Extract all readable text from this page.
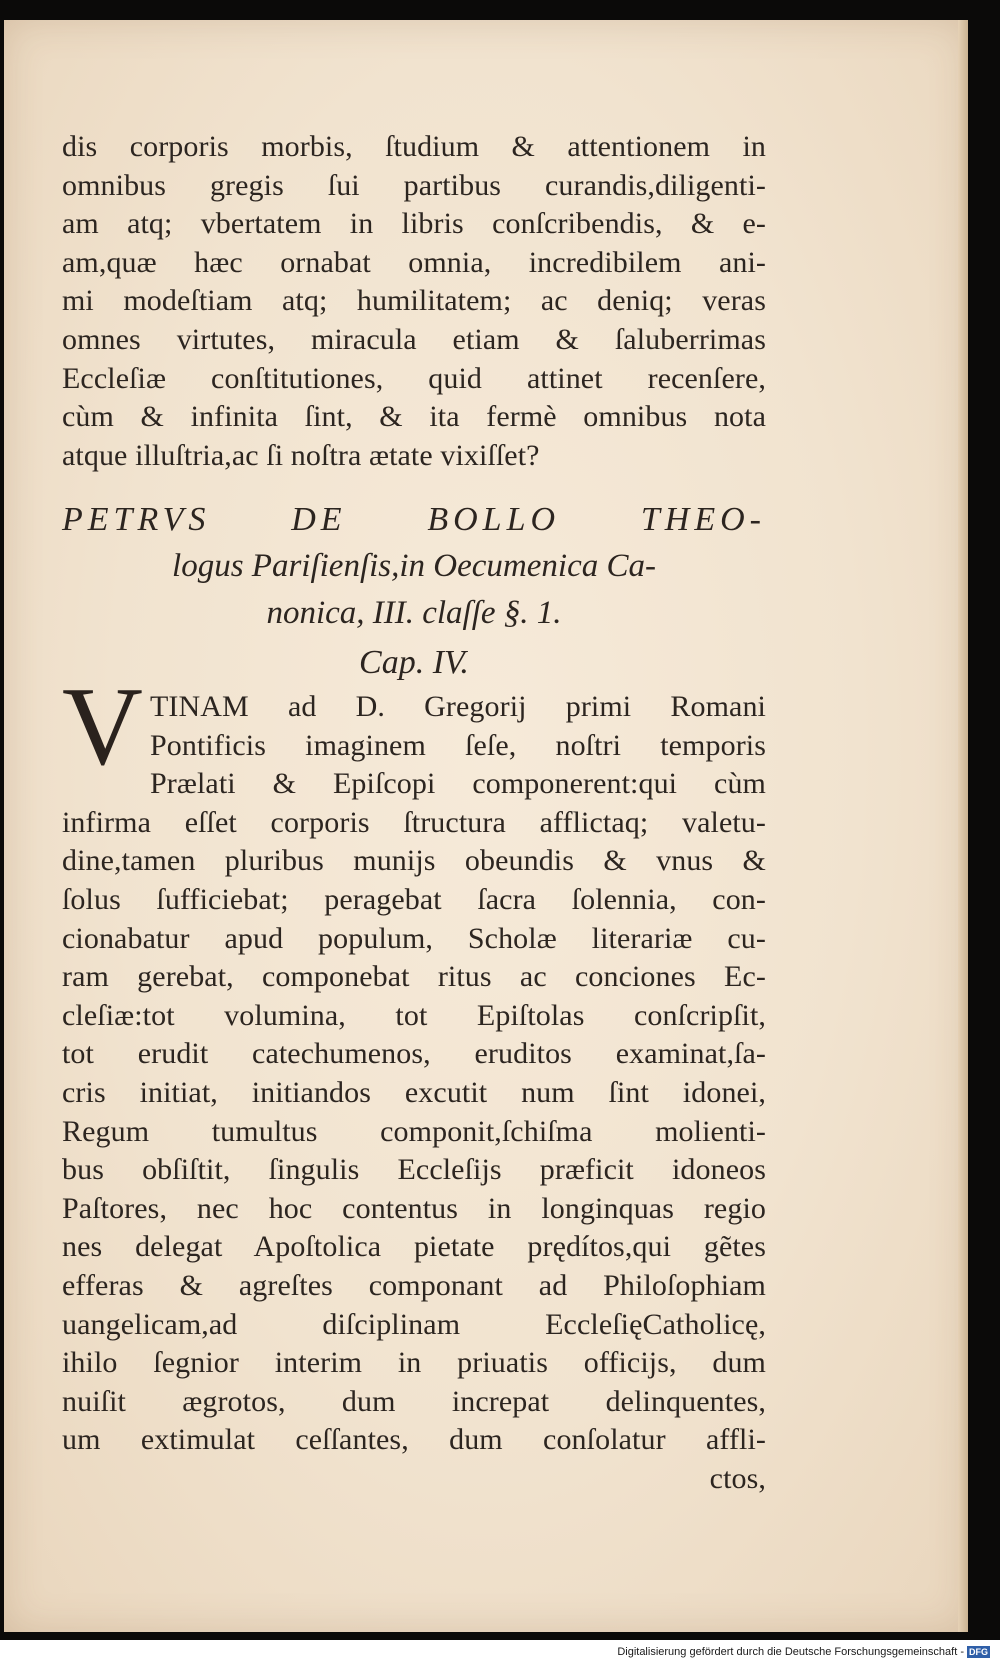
dis corporis morbis, ſtudium & attentionem in
omnibus gregis ſui partibus curandis,diligenti-
am atq; vbertatem in libris conſcribendis, & e-
am,quæ hæc ornabat omnia, incredibilem ani-
mi modeſtiam atq; humilitatem; ac deniq; veras
omnes virtutes, miracula etiam & ſaluberrimas
Eccleſiæ conſtitutiones, quid attinet recenſere,
cùm & infinita ſint, & ita fermè omnibus nota
atque illuſtria,ac ſi noſtra ætate vixiſſet?
PETRVS DE BOLLO THEO-
logus Pariſienſis,in Oecumenica Ca-
nonica, III. claſſe §. 1.
Cap. IV.
V TINAM ad D. Gregorij primi Romani
Pontificis imaginem ſeſe, noſtri temporis
Prælati & Epiſcopi componerent:qui cùm
infirma eſſet corporis ſtructura afflictaq; valetu-
dine,tamen pluribus munijs obeundis & vnus &
ſolus ſufficiebat; peragebat ſacra ſolennia, con-
cionabatur apud populum, Scholæ literariæ cu-
ram gerebat, componebat ritus ac conciones Ec-
cleſiæ:tot volumina, tot Epiſtolas conſcripſit,
tot erudit catechumenos, eruditos examinat,ſa-
cris initiat, initiandos excutit num ſint idonei,
Regum tumultus componit,ſchiſma molienti-
bus obſiſtit, ſingulis Eccleſijs præficit idoneos
Paſtores, nec hoc contentus in longinquas regio
nes delegat Apoſtolica pietate prędítos,qui gẽtes
efferas & agreſtes componant ad Philoſophiam
uangelicam,ad diſciplinam EccleſięCatholicę,
ihilo ſegnior interim in priuatis officijs, dum
nuiſit ægrotos, dum increpat delinquentes,
um extimulat ceſſantes, dum conſolatur affli-
ctos,
Digitalisierung gefördert durch die Deutsche Forschungsgemeinschaft - DFG
